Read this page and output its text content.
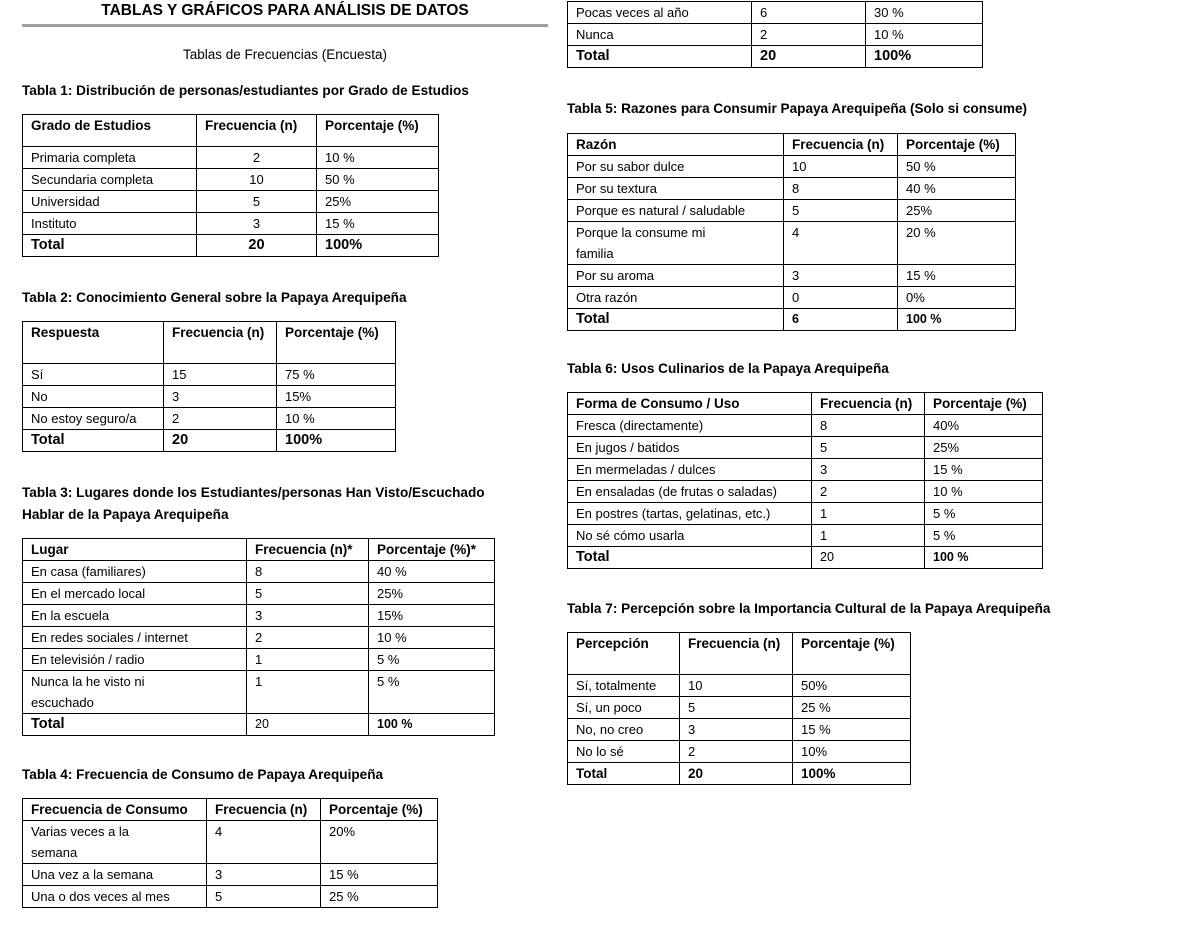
TABLAS Y GRÁFICOS PARA ANÁLISIS DE DATOS
Tablas de Frecuencias (Encuesta)
Tabla 1: Distribución de personas/estudiantes por Grado de Estudios
Grado de Estudios	Frecuencia (n)	Porcentaje (%)
Primaria completa	2	10 %
Secundaria completa	10	50 %
Universidad	5	25%
Instituto	3	15 %
Total	20	100%
Tabla 2: Conocimiento General sobre la Papaya Arequipeña
Respuesta	Frecuencia (n)	Porcentaje (%)
Sí	15	75 %
No	3	15%
No estoy seguro/a	2	10 %
Total	20	100%
Tabla 3: Lugares donde los Estudiantes/personas Han Visto/Escuchado
Hablar de la Papaya Arequipeña
Lugar	Frecuencia (n)*	Porcentaje (%)*
En casa (familiares)	8	40 %
En el mercado local	5	25%
En la escuela	3	15%
En redes sociales / internet	2	10 %
En televisión / radio	1	5 %
Nunca la he visto ni escuchado	1	5 %
Total	20	100 %
Tabla 4: Frecuencia de Consumo de Papaya Arequipeña
Frecuencia de Consumo	Frecuencia (n)	Porcentaje (%)
Varias veces a la semana	4	20%
Una vez a la semana	3	15 %
Una o dos veces al mes	5	25 %
Pocas veces al año	6	30 %
Nunca	2	10 %
Total	20	100%
Tabla 5: Razones para Consumir Papaya Arequipeña (Solo si consume)
Razón	Frecuencia (n)	Porcentaje (%)
Por su sabor dulce	10	50 %
Por su textura	8	40 %
Porque es natural / saludable	5	25%
Porque la consume mi familia	4	20 %
Por su aroma	3	15 %
Otra razón	0	0%
Total	6	100 %
Tabla 6: Usos Culinarios de la Papaya Arequipeña
Forma de Consumo / Uso	Frecuencia (n)	Porcentaje (%)
Fresca (directamente)	8	40%
En jugos / batidos	5	25%
En mermeladas / dulces	3	15 %
En ensaladas (de frutas o saladas)	2	10 %
En postres (tartas, gelatinas, etc.)	1	5 %
No sé cómo usarla	1	5 %
Total	20	100 %
Tabla 7: Percepción sobre la Importancia Cultural de la Papaya Arequipeña
Percepción	Frecuencia (n)	Porcentaje (%)
Sí, totalmente	10	50%
Sí, un poco	5	25 %
No, no creo	3	15 %
No lo sé	2	10%
Total	20	100%
